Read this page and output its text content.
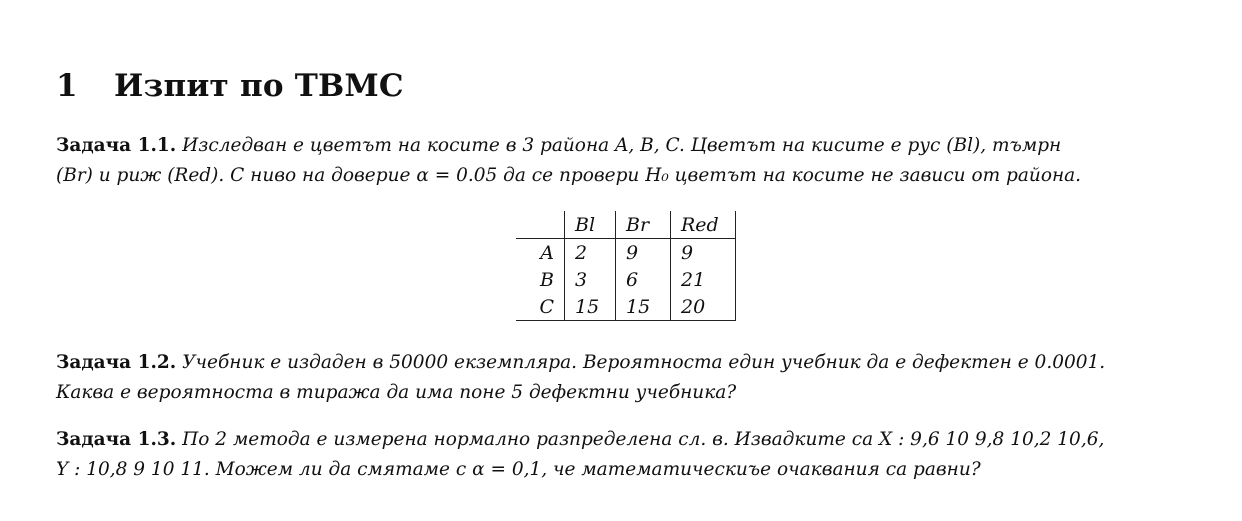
1 Изпит по ТВМС
Задача 1.1. Изследван е цветът на косите в 3 района A, B, C. Цветът на кисите е рус (Bl), тъмрн
(Br) и риж (Red). С ниво на доверие α = 0.05 да се провери H₀ цветът на косите не зависи от района.
	Bl	Br	Red
A	2	9	9
B	3	6	21
C	15	15	20
Задача 1.2. Учебник е издаден в 50000 екземпляра. Вероятноста един учебник да е дефектен е 0.0001.
Каква е вероятноста в тиража да има поне 5 дефектни учебника?
Задача 1.3. По 2 метода е измерена нормално разпределена сл. в. Извадките са X : 9,6 10 9,8 10,2 10,6,
Y : 10,8 9 10 11. Можем ли да смятаме с α = 0,1, че математическиъе очаквания са равни?
